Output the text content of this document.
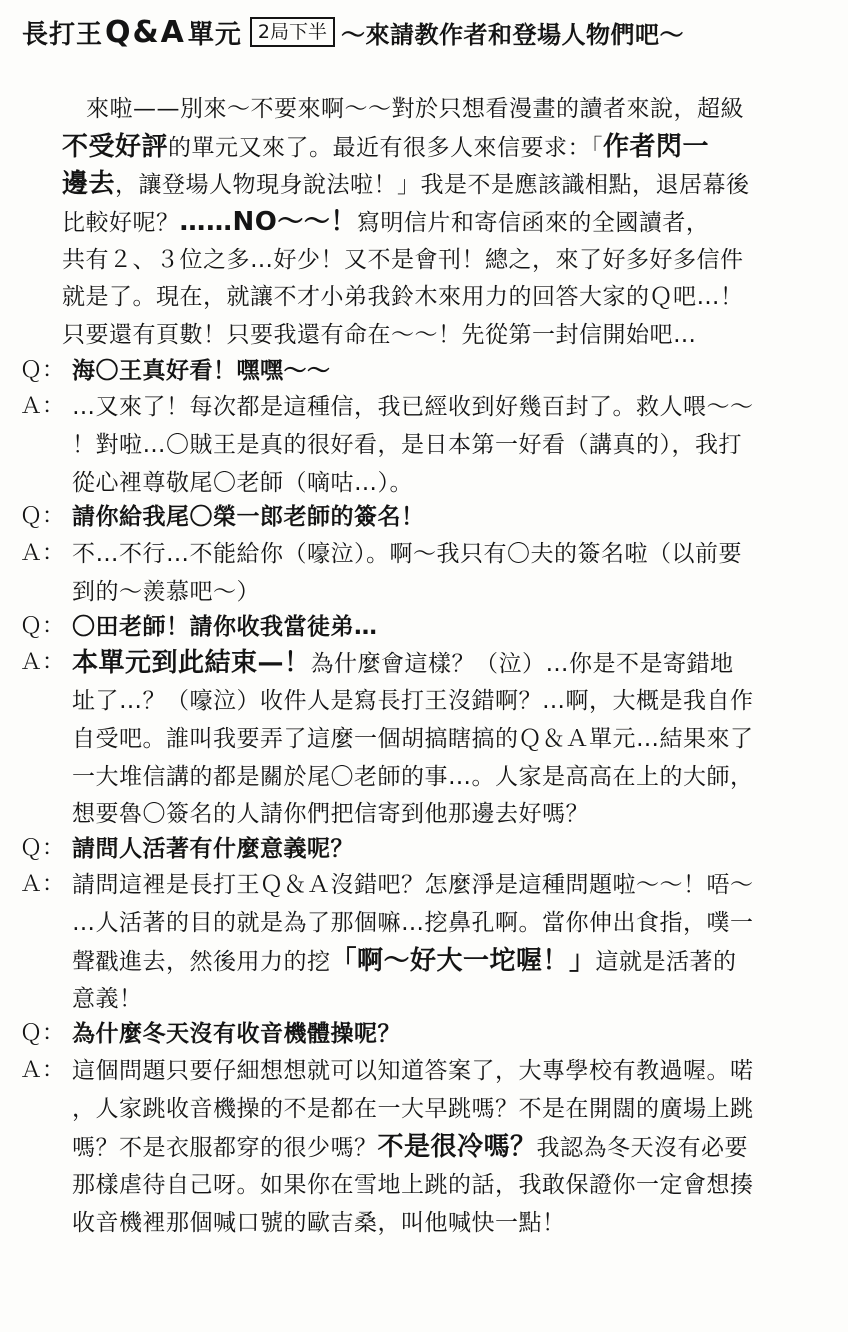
長打王 Q&A 單元 2局下半 ～來請教作者和登場人物們吧～
來啦——別來～不要來啊～～對於只想看漫畫的讀者來說，超級
不受好評的單元又來了。最近有很多人來信要求：「作者閃一
邊去，讓登場人物現身說法啦！」我是不是應該識相點，退居幕後
比較好呢？……NO～～！寫明信片和寄信函來的全國讀者，
共有２、３位之多…好少！又不是會刊！總之，來了好多好多信件
就是了。現在，就讓不才小弟我鈴木來用力的回答大家的Ｑ吧…！
只要還有頁數！只要我還有命在～～！先從第一封信開始吧…
Ｑ： 海〇王真好看！嘿嘿～～
Ａ： …又來了！每次都是這種信，我已經收到好幾百封了。救人喂～～
！對啦…〇賊王是真的很好看，是日本第一好看（講真的），我打
從心裡尊敬尾〇老師（嘀咕…）。
Ｑ： 請你給我尾〇榮一郎老師的簽名！
Ａ： 不…不行…不能給你（嚎泣）。啊～我只有〇夫的簽名啦（以前要
到的～羨慕吧～）
Ｑ： 〇田老師！請你收我當徒弟…
Ａ： 本單元到此結束—！為什麼會這樣？（泣）…你是不是寄錯地
址了…？（嚎泣）收件人是寫長打王沒錯啊？…啊，大概是我自作
自受吧。誰叫我要弄了這麼一個胡搞瞎搞的Ｑ＆Ａ單元…結果來了
一大堆信講的都是關於尾〇老師的事…。人家是高高在上的大師，
想要魯〇簽名的人請你們把信寄到他那邊去好嗎？
Ｑ： 請問人活著有什麼意義呢？
Ａ： 請問這裡是長打王Ｑ＆Ａ沒錯吧？怎麼淨是這種問題啦～～！唔～
…人活著的目的就是為了那個嘛…挖鼻孔啊。當你伸出食指，噗一
聲戳進去，然後用力的挖「啊～好大一坨喔！」這就是活著的
意義！
Ｑ： 為什麼冬天沒有收音機體操呢？
Ａ： 這個問題只要仔細想想就可以知道答案了，大專學校有教過喔。喏
，人家跳收音機操的不是都在一大早跳嗎？不是在開闊的廣場上跳
嗎？不是衣服都穿的很少嗎？不是很冷嗎？我認為冬天沒有必要
那樣虐待自己呀。如果你在雪地上跳的話，我敢保證你一定會想揍
收音機裡那個喊口號的歐吉桑，叫他喊快一點！
